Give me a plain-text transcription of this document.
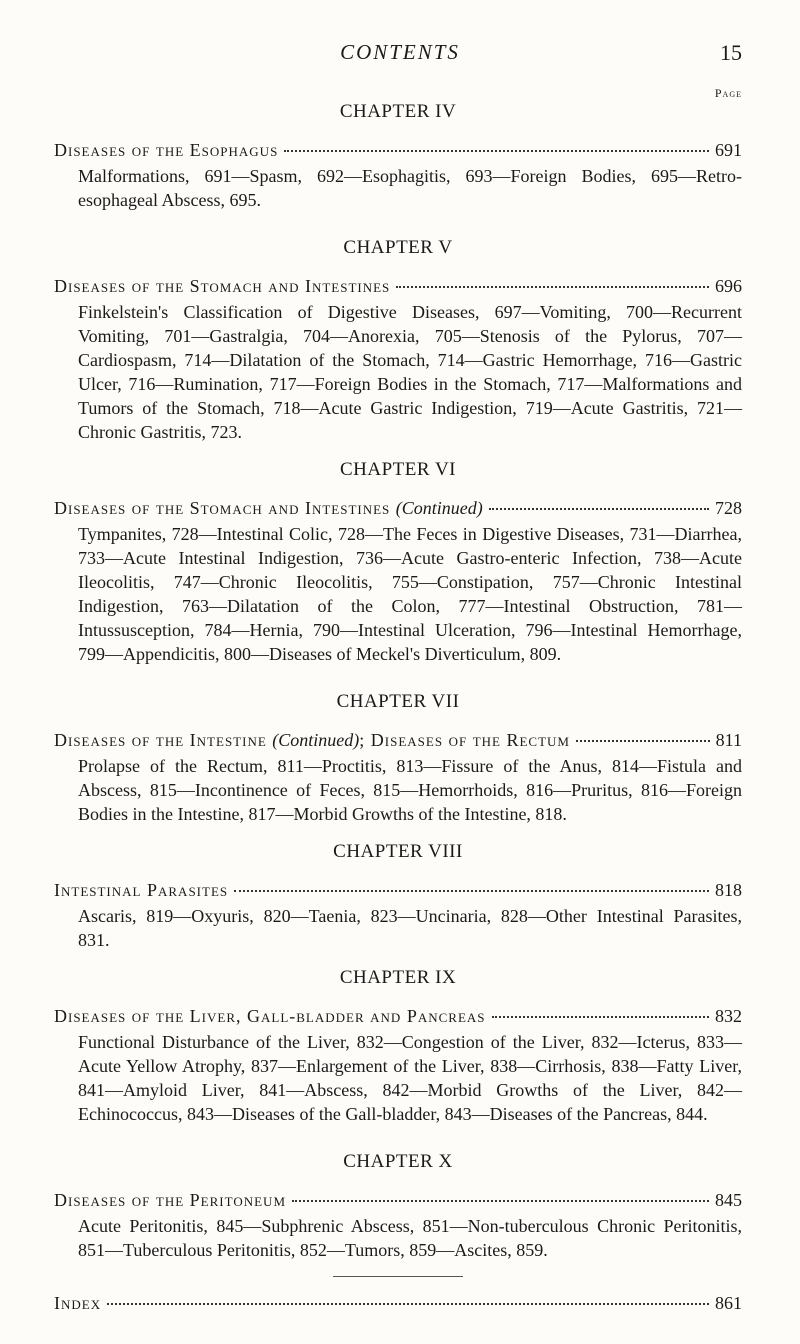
CONTENTS	15
Page
CHAPTER IV
Diseases of the Esophagus	691
Malformations, 691—Spasm, 692—Esophagitis, 693—Foreign Bodies, 695—Retro-esophageal Abscess, 695.
CHAPTER V
Diseases of the Stomach and Intestines	696
Finkelstein's Classification of Digestive Diseases, 697—Vomiting, 700—Recurrent Vomiting, 701—Gastralgia, 704—Anorexia, 705—Stenosis of the Pylorus, 707—Cardiospasm, 714—Dilatation of the Stomach, 714—Gastric Hemorrhage, 716—Gastric Ulcer, 716—Rumination, 717—Foreign Bodies in the Stomach, 717—Malformations and Tumors of the Stomach, 718—Acute Gastric Indigestion, 719—Acute Gastritis, 721—Chronic Gastritis, 723.
CHAPTER VI
Diseases of the Stomach and Intestines (Continued)	728
Tympanites, 728—Intestinal Colic, 728—The Feces in Digestive Diseases, 731—Diarrhea, 733—Acute Intestinal Indigestion, 736—Acute Gastro-enteric Infection, 738—Acute Ileocolitis, 747—Chronic Ileocolitis, 755—Constipation, 757—Chronic Intestinal Indigestion, 763—Dilatation of the Colon, 777—Intestinal Obstruction, 781—Intussusception, 784—Hernia, 790—Intestinal Ulceration, 796—Intestinal Hemorrhage, 799—Appendicitis, 800—Diseases of Meckel's Diverticulum, 809.
CHAPTER VII
Diseases of the Intestine (Continued); Diseases of the Rectum	811
Prolapse of the Rectum, 811—Proctitis, 813—Fissure of the Anus, 814—Fistula and Abscess, 815—Incontinence of Feces, 815—Hemorrhoids, 816—Pruritus, 816—Foreign Bodies in the Intestine, 817—Morbid Growths of the Intestine, 818.
CHAPTER VIII
Intestinal Parasites	818
Ascaris, 819—Oxyuris, 820—Taenia, 823—Uncinaria, 828—Other Intestinal Parasites, 831.
CHAPTER IX
Diseases of the Liver, Gall-bladder and Pancreas	832
Functional Disturbance of the Liver, 832—Congestion of the Liver, 832—Icterus, 833—Acute Yellow Atrophy, 837—Enlargement of the Liver, 838—Cirrhosis, 838—Fatty Liver, 841—Amyloid Liver, 841—Abscess, 842—Morbid Growths of the Liver, 842—Echinococcus, 843—Diseases of the Gall-bladder, 843—Diseases of the Pancreas, 844.
CHAPTER X
Diseases of the Peritoneum	845
Acute Peritonitis, 845—Subphrenic Abscess, 851—Non-tuberculous Chronic Peritonitis, 851—Tuberculous Peritonitis, 852—Tumors, 859—Ascites, 859.
Index	861
